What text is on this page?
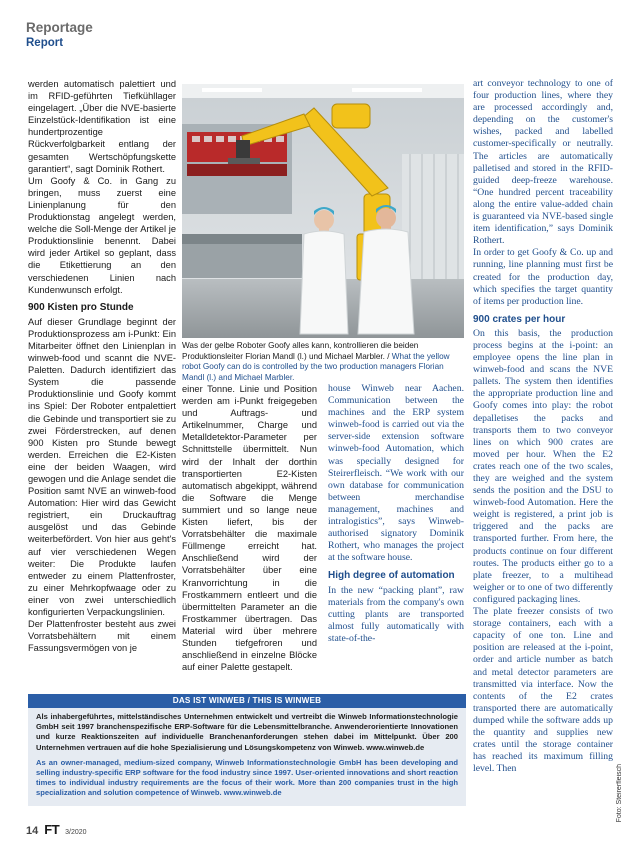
Reportage
Report

werden automatisch palettiert und im RFID-geführten Tiefkühllager eingelagert. „Über die NVE-basierte Einzelstück-Identifikation ist eine hundertprozentige Rückverfolgbarkeit entlang der gesamten Wertschöpfungskette garantiert“, sagt Dominik Rothert.

Um Goofy & Co. in Gang zu bringen, muss zuerst eine Linienplanung für den Produktionstag angelegt werden, welche die Soll-Menge der Artikel je Produktionslinie benennt. Dabei wird jeder Artikel so geplant, dass die Etikettierung an den verschiedenen Linien nach Kundenwunsch erfolgt.

900 Kisten pro Stunde

Auf dieser Grundlage beginnt der Produktionsprozess am i-Punkt: Ein Mitarbeiter öffnet den Linienplan in winweb-food und scannt die NVE-Paletten. Dadurch identifiziert das System die passende Produktionslinie und Goofy kommt ins Spiel: Der Roboter entpalettiert die Gebinde und transportiert sie zu zwei Förderstrecken, auf denen 900 Kisten pro Stunde bewegt werden. Erreichen die E2-Kisten eine der beiden Waagen, wird gewogen und die Anlage sendet die Position samt NVE an winweb-food Automation: Hier wird das Gewicht registriert, ein Druckauftrag ausgelöst und das Gebinde weiterbefördert. Von hier aus geht's auf vier verschiedenen Wegen weiter: Die Produkte laufen entweder zu einem Plattenfroster, zu einer Mehrkopfwaage oder zu einer von zwei unterschiedlich konfigurierten Verpackungslinien.

Der Plattenfroster besteht aus zwei Vorratsbehältern mit einem Fassungsvermögen von je

Was der gelbe Roboter Goofy alles kann, kontrollieren die beiden Produktionsleiter Florian Mandl (l.) und Michael Marbler. / What the yellow robot Goofy can do is controlled by the two production managers Florian Mandl (l.) and Michael Marbler.

einer Tonne. Linie und Position werden am i-Punkt freigegeben und Auftrags- und Artikelnummer, Charge und Metalldetektor-Parameter per Schnittstelle übermittelt. Nun wird der Inhalt der dorthin transportierten E2-Kisten automatisch abgekippt, während die Software die Menge summiert und so lange neue Kisten liefert, bis der Vorratsbehälter die maximale Füllmenge erreicht hat. Anschließend wird der Vorratsbehälter über eine Kranvorrichtung in die Frostkammern entleert und die übermittelten Parameter an die Frostkammer übertragen. Das Material wird über mehrere Stunden tiefgefroren und anschließend in einzelne Blöcke auf einer Palette gestapelt.

house Winweb near Aachen. Communication between the machines and the ERP system winweb-food is carried out via the server-side extension software winweb-food Automation, which was specially designed for Steirerfleisch. “We work with our own database for communication between merchandise management, machines and intralogistics”, says Winweb-authorised signatory Dominik Rothert, who manages the project at the software house.

High degree of automation

In the new “packing plant”, raw materials from the company's own cutting plants are transported almost fully automatically with state-of-the-

art conveyor technology to one of four production lines, where they are processed accordingly and, depending on the customer's wishes, packed and labelled customer-specifically or neutrally. The articles are automatically palletised and stored in the RFID-guided deep-freeze warehouse. “One hundred percent traceability along the entire value-added chain is guaranteed via NVE-based single item identification,” says Dominik Rothert.

In order to get Goofy & Co. up and running, line planning must first be created for the production day, which specifies the target quantity of items per production line.

900 crates per hour

On this basis, the production process begins at the i-point: an employee opens the line plan in winweb-food and scans the NVE pallets. The system then identifies the appropriate production line and Goofy comes into play: the robot depalletises the packs and transports them to two conveyor lines on which 900 crates are moved per hour. When the E2 crates reach one of the two scales, they are weighed and the system sends the position and the DSU to winweb-food Automation. Here the weight is registered, a print job is triggered and the packs are transported further. From here, the products continue on four different routes. The products either go to a plate freezer, to a multihead weigher or to one of two differently configured packaging lines.

The plate freezer consists of two storage containers, each with a capacity of one ton. Line and position are released at the i-point, order and article number as batch and metal detector parameters are transmitted via interface. Now the contents of the E2 crates transported there are automatically dumped while the software adds up the quantity and supplies new crates until the storage container has reached its maximum filling level. Then

DAS IST WINWEB / THIS IS WINWEB
Als inhabergeführtes, mittelständisches Unternehmen entwickelt und vertreibt die Winweb Informationstechnologie GmbH seit 1997 branchenspezifische ERP-Software für die Lebensmittelbranche. Anwenderorientierte Innovationen und kurze Reaktionszeiten auf individuelle Branchenanforderungen stehen dabei im Mittelpunkt. Über 200 Unternehmen vertrauen auf die hohe Spezialisierung und Lösungskompetenz von Winweb. www.winweb.de
As an owner-managed, medium-sized company, Winweb Informationstechnologie GmbH has been developing and selling industry-specific ERP software for the food industry since 1997. User-oriented innovations and short reaction times to individual industry requirements are the focus of their work. More than 200 companies trust in the high specialization and solution competence of Winweb. www.winweb.de
14 FT 3/2020
Foto: Steirerfleisch
